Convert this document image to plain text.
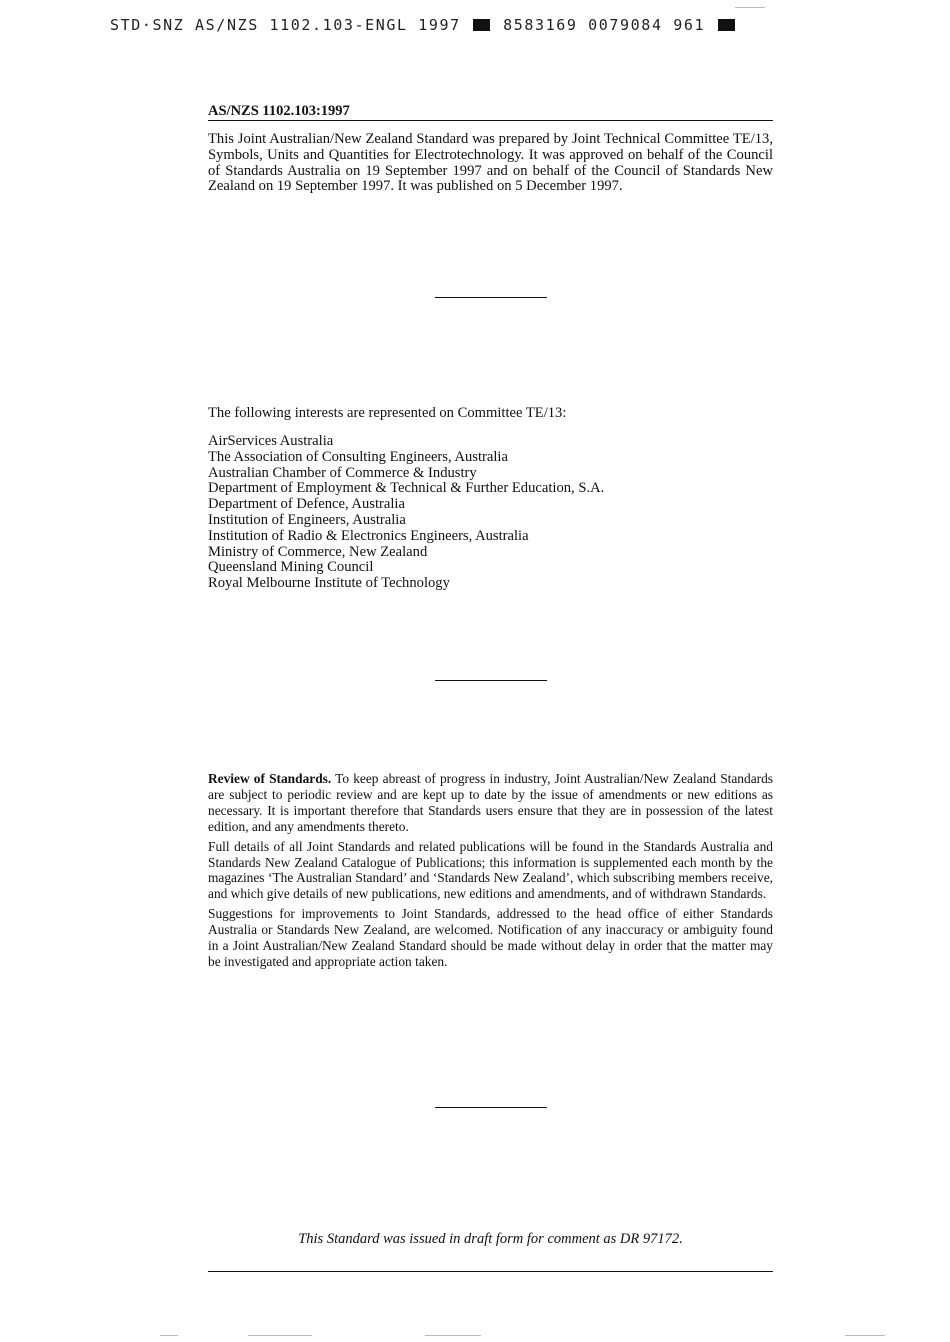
STD·SNZ AS/NZS 1102.103-ENGL 1997	8583169 0079084 961
AS/NZS 1102.103:1997

This Joint Australian/New Zealand Standard was prepared by Joint Technical Committee TE/13, Symbols, Units and Quantities for Electrotechnology. It was approved on behalf of the Council of Standards Australia on 19 September 1997 and on behalf of the Council of Standards New Zealand on 19 September 1997. It was published on 5 December 1997.

The following interests are represented on Committee TE/13:

AirServices Australia
The Association of Consulting Engineers, Australia
Australian Chamber of Commerce & Industry
Department of Employment & Technical & Further Education, S.A.
Department of Defence, Australia
Institution of Engineers, Australia
Institution of Radio & Electronics Engineers, Australia
Ministry of Commerce, New Zealand
Queensland Mining Council
Royal Melbourne Institute of Technology

Review of Standards. To keep abreast of progress in industry, Joint Australian/New Zealand Standards are subject to periodic review and are kept up to date by the issue of amendments or new editions as necessary. It is important therefore that Standards users ensure that they are in possession of the latest edition, and any amendments thereto.

Full details of all Joint Standards and related publications will be found in the Standards Australia and Standards New Zealand Catalogue of Publications; this information is supplemented each month by the magazines ‘The Australian Standard’ and ‘Standards New Zealand’, which subscribing members receive, and which give details of new publications, new editions and amendments, and of withdrawn Standards.

Suggestions for improvements to Joint Standards, addressed to the head office of either Standards Australia or Standards New Zealand, are welcomed. Notification of any inaccuracy or ambiguity found in a Joint Australian/New Zealand Standard should be made without delay in order that the matter may be investigated and appropriate action taken.

This Standard was issued in draft form for comment as DR 97172.
